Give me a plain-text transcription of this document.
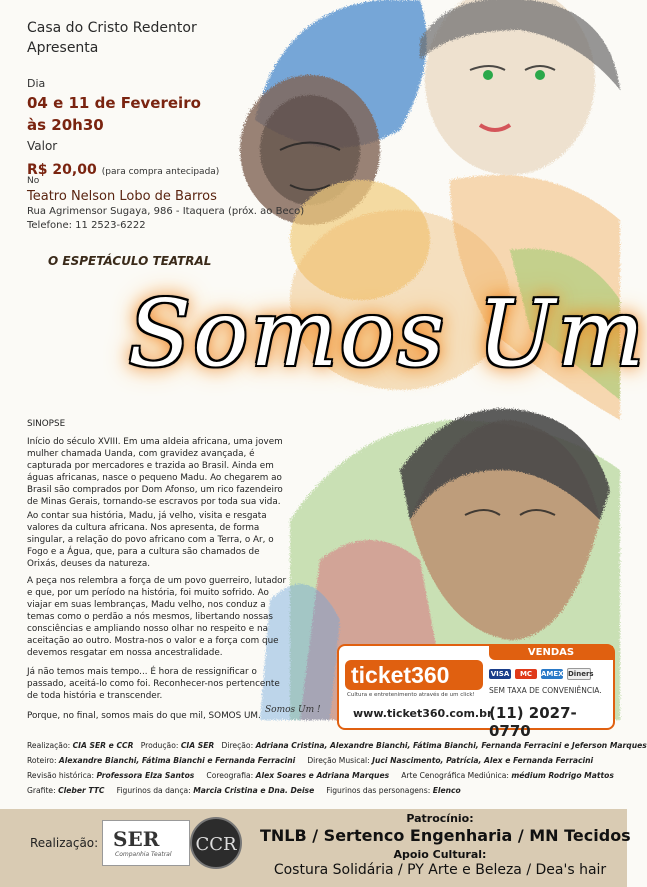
Somos Um !
Casa do Cristo Redentor
Apresenta
Dia
04 e 11 de Fevereiro
às 20h30
Valor
R$ 20,00 (para compra antecipada)
No
Teatro Nelson Lobo de Barros
Rua Agrimensor Sugaya, 986 - Itaquera (próx. ao Beco)
Telefone: 11 2523-6222
O ESPETÁCULO TEATRAL
Somos Um
SINOPSE
Início do século XVIII. Em uma aldeia africana, uma jovem mulher chamada Uanda, com gravidez avançada, é capturada por mercadores e trazida ao Brasil. Ainda em águas africanas, nasce o pequeno Madu. Ao chegarem ao Brasil são comprados por Dom Afonso, um rico fazendeiro de Minas Gerais, tornando-se escravos por toda sua vida.
Ao contar sua história, Madu, já velho, visita e resgata valores da cultura africana. Nos apresenta, de forma singular, a relação do povo africano com a Terra, o Ar, o Fogo e a Água, que, para a cultura são chamados de Orixás, deuses da natureza.
A peça nos relembra a força de um povo guerreiro, lutador e que, por um período na história, foi muito sofrido. Ao viajar em suas lembranças, Madu velho, nos conduz a temas como o perdão a nós mesmos, libertando nossas consciências e ampliando nosso olhar no respeito e na aceitação ao outro. Mostra-nos o valor e a força com que devemos resgatar em nossa ancestralidade.
Já não temos mais tempo... É hora de ressignificar o passado, aceitá-lo como foi. Reconhecer-nos pertencente de toda história e transcender.
Porque, no final, somos mais do que mil, SOMOS UM.
VENDAS
ticket360
Cultura e entretenimento através de um click!
www.ticket360.com.br
VISA	MC	AMEX Diners
SEM TAXA DE CONVENIÊNCIA.
(11) 2027-0770
Realização: CIA SER e CCR Produção: CIA SER Direção: Adriana Cristina, Alexandre Bianchi, Fátima Bianchi, Fernanda Ferracini e Jeferson Marques
Roteiro: Alexandre Bianchi, Fátima Bianchi e Fernanda Ferracini Direção Musical: Juci Nascimento, Patrícia, Alex e Fernanda Ferracini
Revisão histórica: Professora Elza Santos Coreografia: Alex Soares e Adriana Marques Arte Cenográfica Mediúnica: médium Rodrigo Mattos
Grafite: Cleber TTC Figurinos da dança: Marcia Cristina e Dna. Deise Figurinos das personagens: Elenco
Realização: SER
Companhia Teatral	CCR
Patrocínio:
TNLB / Sertenco Engenharia / MN Tecidos
Apoio Cultural:
Costura Solidária / PY Arte e Beleza / Dea's hair
